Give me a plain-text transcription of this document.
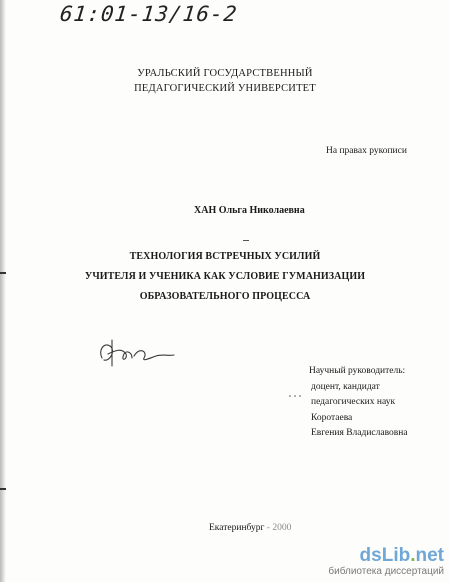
61:01-13/16-2
УРАЛЬСКИЙ ГОСУДАРСТВЕННЫЙ
ПЕДАГОГИЧЕСКИЙ УНИВЕРСИТЕТ
На правах рукописи
ХАН Ольга Николаевна
ТЕХНОЛОГИЯ ВСТРЕЧНЫХ УСИЛИЙ
УЧИТЕЛЯ И УЧЕНИКА КАК УСЛОВИЕ ГУМАНИЗАЦИИ
ОБРАЗОВАТЕЛЬНОГО ПРОЦЕССА
Научный руководитель:
доцент, кандидат
педагогических наук
Коротаева
Евгения Владиславовна
Екатеринбург - 2000
dsLib.net
библиотека диссертаций
